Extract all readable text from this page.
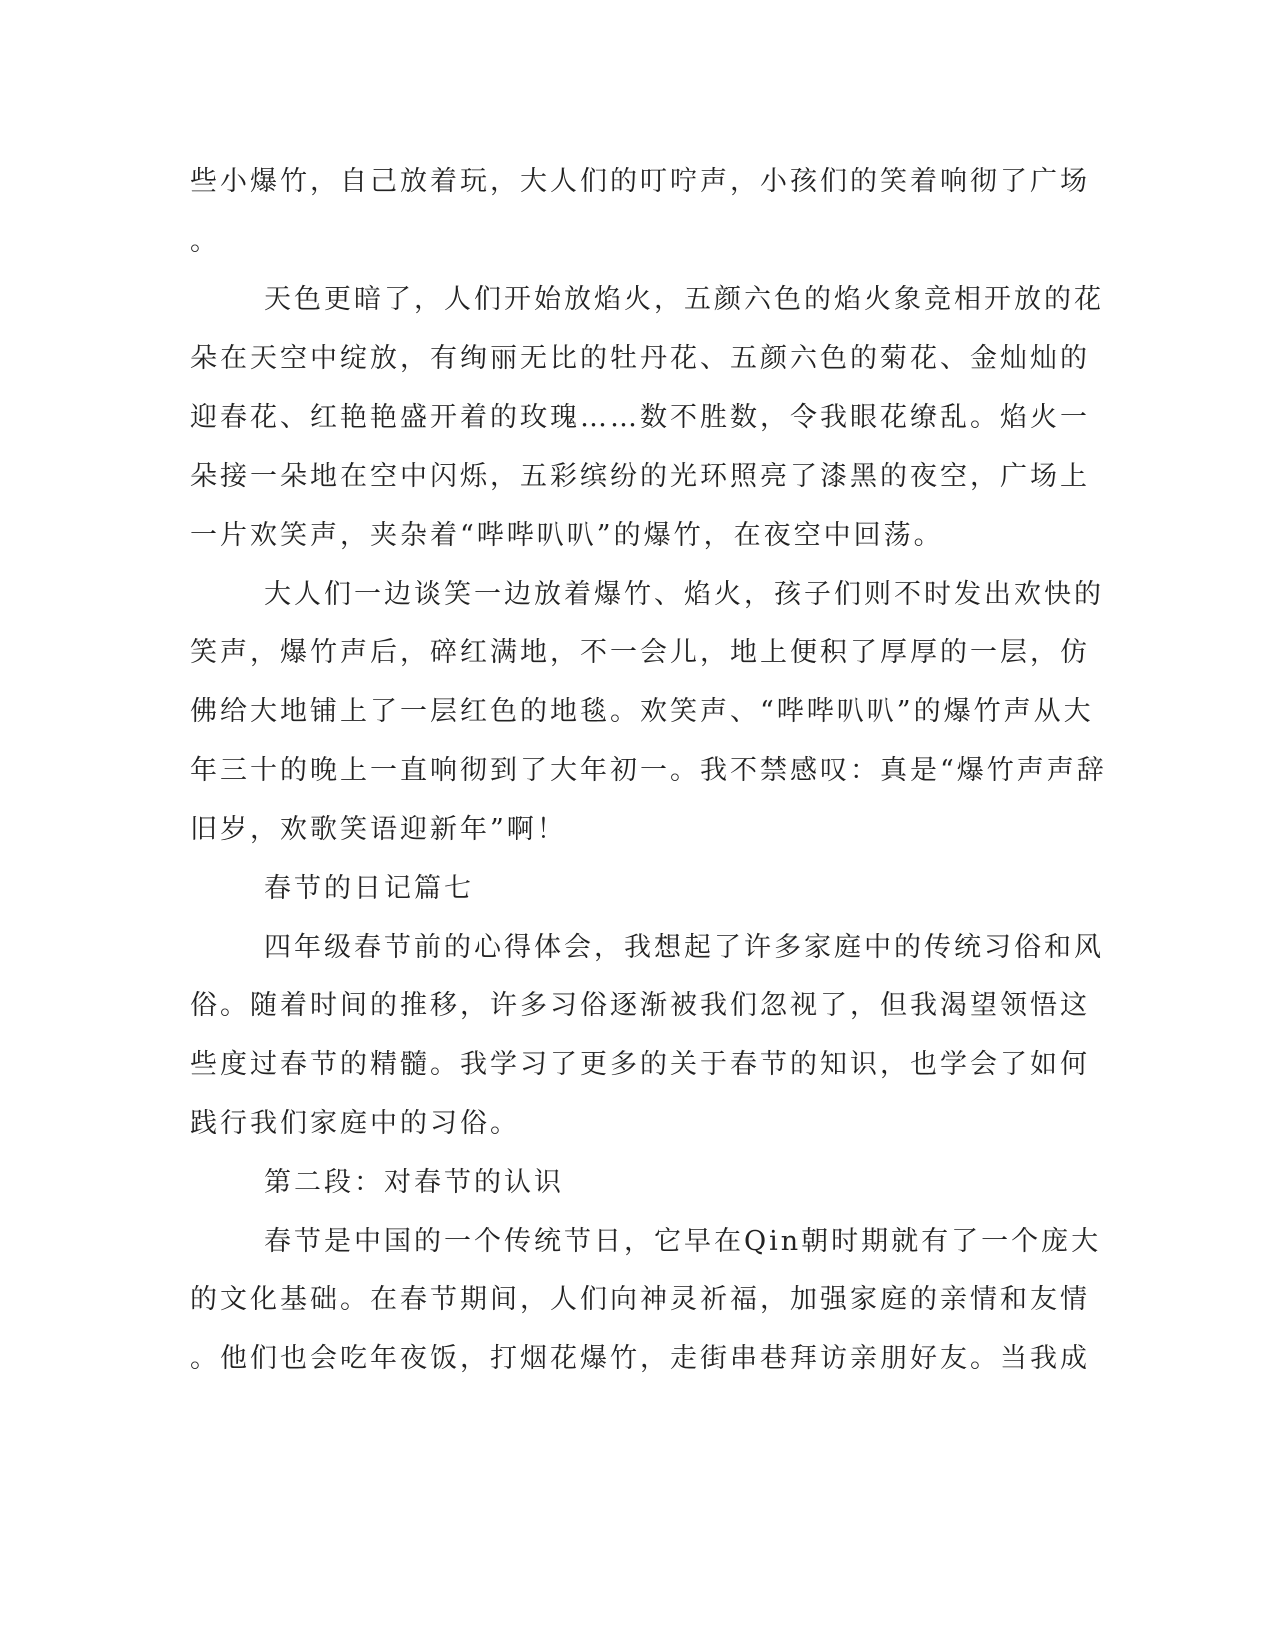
些小爆竹，自己放着玩，大人们的叮咛声，小孩们的笑着响彻了广场

。

天色更暗了，人们开始放焰火，五颜六色的焰火象竞相开放的花

朵在天空中绽放，有绚丽无比的牡丹花、五颜六色的菊花、金灿灿的

迎春花、红艳艳盛开着的玫瑰……数不胜数，令我眼花缭乱。焰火一

朵接一朵地在空中闪烁，五彩缤纷的光环照亮了漆黑的夜空，广场上

一片欢笑声，夹杂着“哔哔叭叭”的爆竹，在夜空中回荡。

大人们一边谈笑一边放着爆竹、焰火，孩子们则不时发出欢快的

笑声，爆竹声后，碎红满地，不一会儿，地上便积了厚厚的一层，仿

佛给大地铺上了一层红色的地毯。欢笑声、“哔哔叭叭”的爆竹声从大

年三十的晚上一直响彻到了大年初一。我不禁感叹：真是“爆竹声声辞

旧岁，欢歌笑语迎新年”啊！

春节的日记篇七

四年级春节前的心得体会，我想起了许多家庭中的传统习俗和风

俗。随着时间的推移，许多习俗逐渐被我们忽视了，但我渴望领悟这

些度过春节的精髓。我学习了更多的关于春节的知识，也学会了如何

践行我们家庭中的习俗。

第二段：对春节的认识

春节是中国的一个传统节日，它早在Qin朝时期就有了一个庞大

的文化基础。在春节期间，人们向神灵祈福，加强家庭的亲情和友情

。他们也会吃年夜饭，打烟花爆竹，走街串巷拜访亲朋好友。当我成
